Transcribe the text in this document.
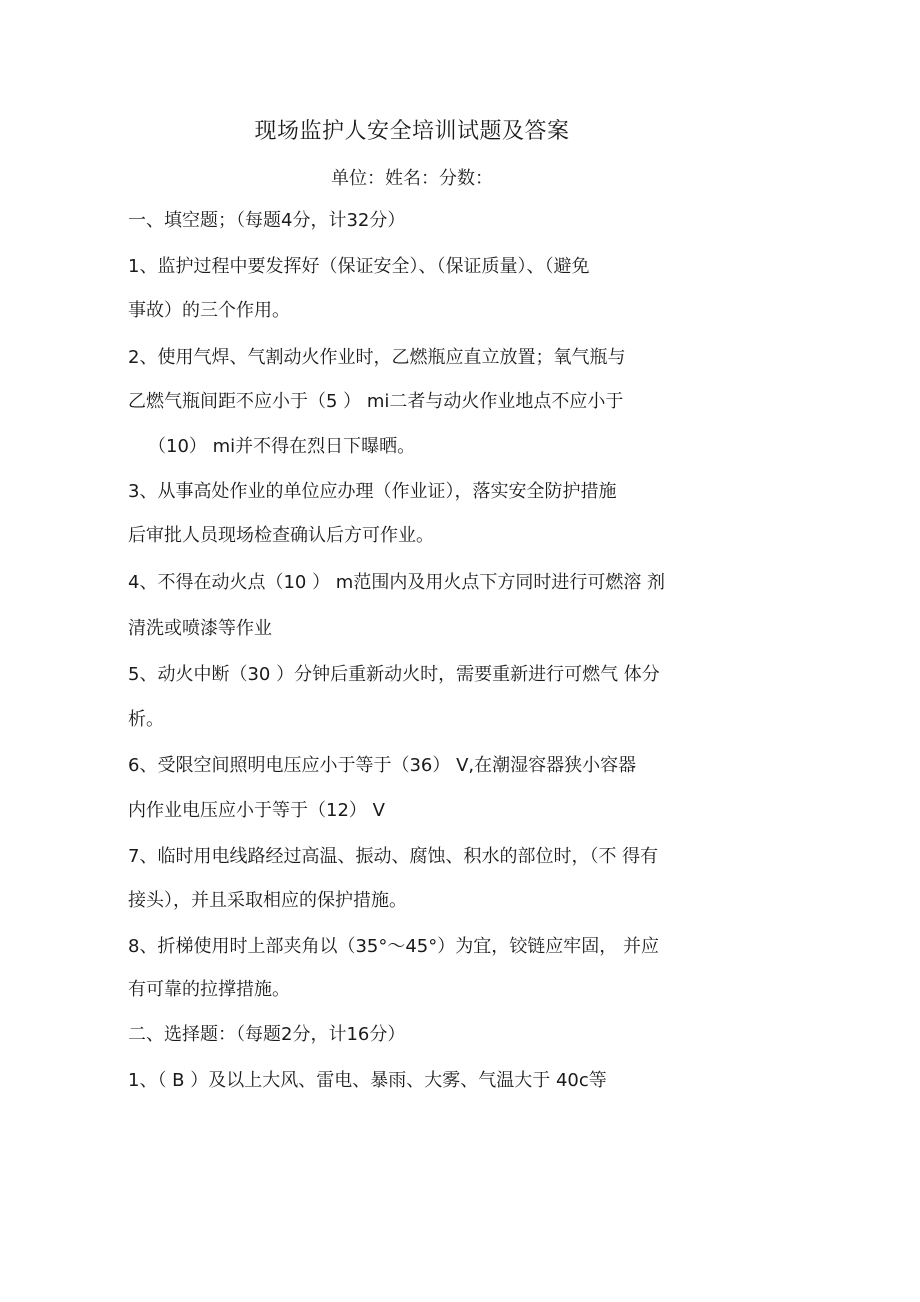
现场监护人安全培训试题及答案
单位：姓名：分数：
一、填空题；（每题4分，计32分）
1、监护过程中要发挥好（保证安全）、（保证质量）、（避免
事故）的三个作用。
2、使用气焊、气割动火作业时，乙燃瓶应直立放置；氧气瓶与
乙燃气瓶间距不应小于（5 ） mi二者与动火作业地点不应小于
（10） mi并不得在烈日下曝晒。
3、从事高处作业的单位应办理（作业证），落实安全防护措施
后审批人员现场检查确认后方可作业。
4、不得在动火点（10 ） m范围内及用火点下方同时进行可燃溶 剂
清洗或喷漆等作业
5、动火中断（30 ）分钟后重新动火时，需要重新进行可燃气 体分
析。
6、受限空间照明电压应小于等于（36） V,在潮湿容器狭小容器
内作业电压应小于等于（12） V
7、临时用电线路经过高温、振动、腐蚀、积水的部位时，（不 得有
接头），并且采取相应的保护措施。
8、折梯使用时上部夹角以（35°～45°）为宜，铰链应牢固， 并应
有可靠的拉撑措施。
二、选择题：（每题2分，计16分）
1、（ B ）及以上大风、雷电、暴雨、大雾、气温大于 40c等
